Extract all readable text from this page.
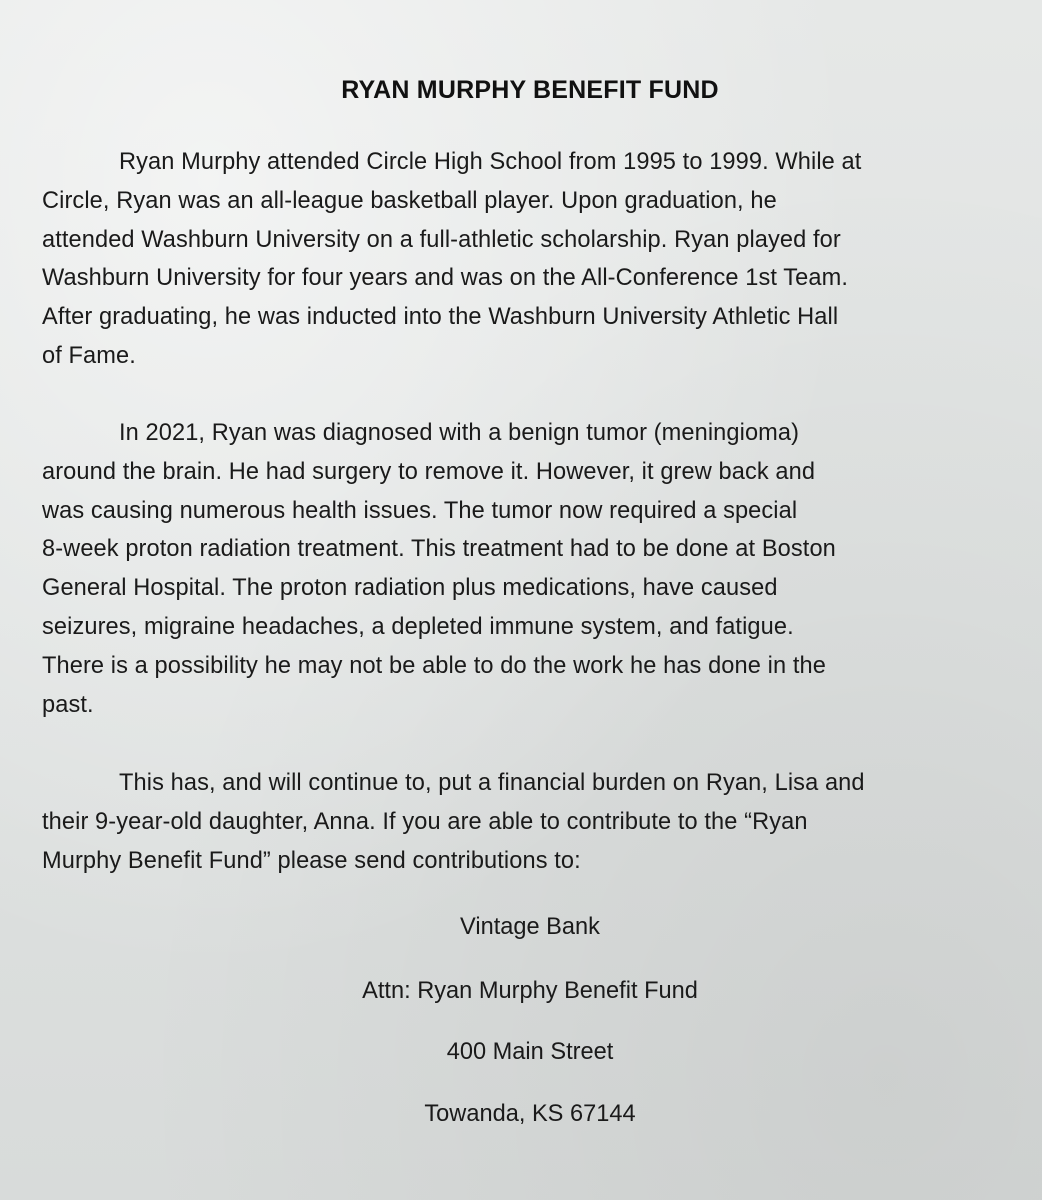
RYAN MURPHY BENEFIT FUND
Ryan Murphy attended Circle High School from 1995 to 1999. While at
Circle, Ryan was an all-league basketball player. Upon graduation, he
attended Washburn University on a full-athletic scholarship. Ryan played for
Washburn University for four years and was on the All-Conference 1st Team.
After graduating, he was inducted into the Washburn University Athletic Hall
of Fame.
In 2021, Ryan was diagnosed with a benign tumor (meningioma)
around the brain. He had surgery to remove it. However, it grew back and
was causing numerous health issues. The tumor now required a special
8-week proton radiation treatment. This treatment had to be done at Boston
General Hospital. The proton radiation plus medications, have caused
seizures, migraine headaches, a depleted immune system, and fatigue.
There is a possibility he may not be able to do the work he has done in the
past.
This has, and will continue to, put a financial burden on Ryan, Lisa and
their 9-year-old daughter, Anna. If you are able to contribute to the “Ryan
Murphy Benefit Fund” please send contributions to:
Vintage Bank
Attn: Ryan Murphy Benefit Fund
400 Main Street
Towanda, KS 67144
